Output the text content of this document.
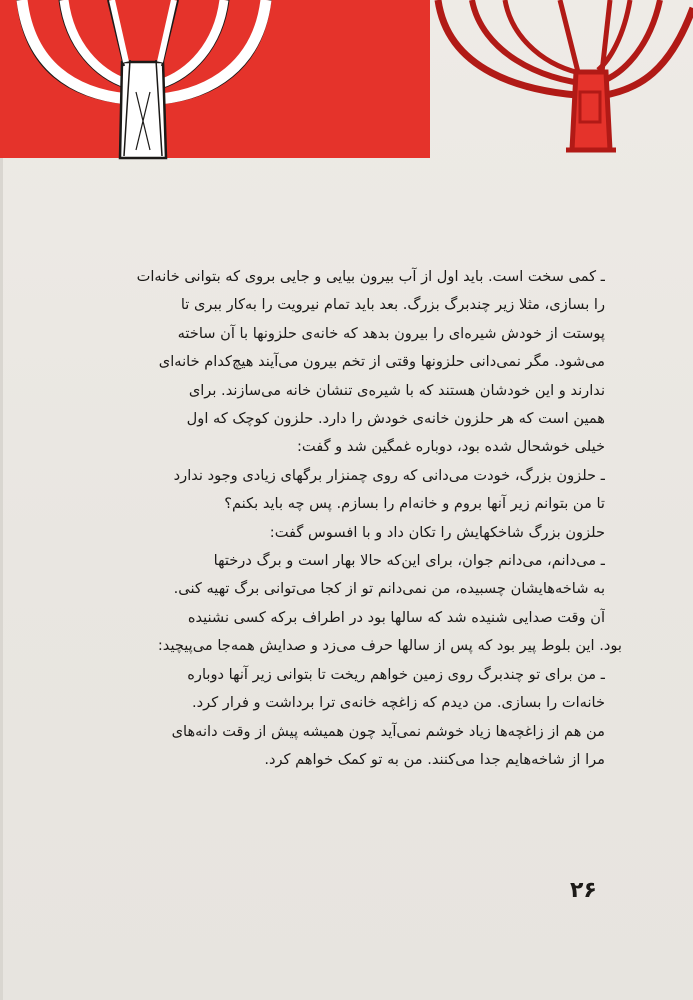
ـ کمی سخت است. باید اول از آب بیرون بیایی و جایی بروی که بتوانی خانه‌ات
را بسازی، مثلا زیر چندبرگ بزرگ. بعد باید تمام نیرویت را به‌کار ببری تا
پوستت از خودش شیره‌ای را بیرون بدهد که خانه‌ی حلزونها با آن ساخته
می‌شود. مگر نمی‌دانی حلزونها وقتی از تخم بیرون می‌آیند هیچ‌کدام خانه‌ای
ندارند و این خودشان هستند که با شیره‌ی تنشان خانه می‌سازند. برای
همین است که هر حلزون خانه‌ی خودش را دارد. حلزون کوچک که اول
خیلی خوشحال شده بود، دوباره غمگین شد و گفت:
ـ حلزون بزرگ، خودت می‌دانی که روی چمنزار برگهای زیادی وجود ندارد
تا من بتوانم زیر آنها بروم و خانه‌ام را بسازم. پس چه باید بکنم؟
حلزون بزرگ شاخکهایش را تکان داد و با افسوس گفت:
ـ می‌دانم، می‌دانم جوان، برای این‌که حالا بهار است و برگ درختها
به شاخه‌هایشان چسبیده، من نمی‌دانم تو از کجا می‌توانی برگ تهیه کنی.
آن وقت صدایی شنیده شد که سالها بود در اطراف برکه کسی نشنیده
بود. این بلوط پیر بود که پس از سالها حرف می‌زد و صدایش همه‌جا می‌پیچید:
ـ من برای تو چندبرگ روی زمین خواهم ریخت تا بتوانی زیر آنها دوباره
خانه‌ات را بسازی. من دیدم که زاغچه خانه‌ی ترا برداشت و فرار کرد.
من هم از زاغچه‌ها زیاد خوشم نمی‌آید چون همیشه پیش از وقت دانه‌های
مرا از شاخه‌هایم جدا می‌کنند. من به تو کمک خواهم کرد.
۲۶
